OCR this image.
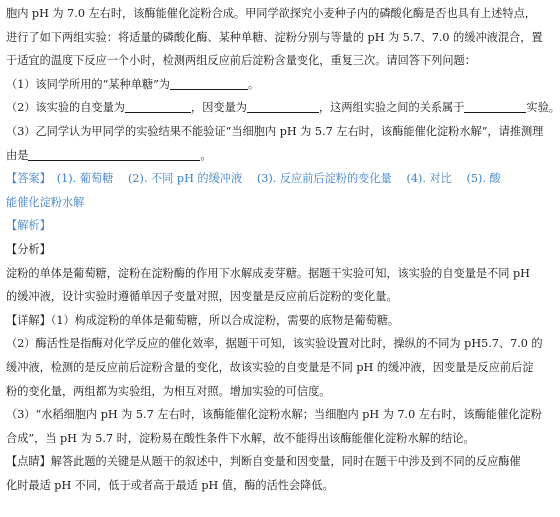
胞内 pH 为 7.0 左右时，该酶能催化淀粉合成。甲同学欲探究小麦种子内的磷酸化酶是否也具有上述特点，
进行了如下两组实验：将适量的磷酸化酶、某种单糖、淀粉分别与等量的 pH 为 5.7、7.0 的缓冲液混合，置
于适宜的温度下反应一个小时，检测两组反应前后淀粉含量变化，重复三次。请回答下列问题：
（1）该同学所用的“某种单糖”为	。
（2）该实验的自变量为	，因变量为	，这两组实验之间的关系属于	实验。
（3）乙同学认为甲同学的实验结果不能验证“当细胞内 pH 为 5.7 左右时，该酶能催化淀粉水解”，请推测理
由是	。
【答案】 (1). 葡萄糖　 (2). 不同 pH 的缓冲液　 (3). 反应前后淀粉的变化量　 (4). 对比　 (5). 酸
能催化淀粉水解
【解析】
【分析】
淀粉的单体是葡萄糖，淀粉在淀粉酶的作用下水解成麦芽糖。据题干实验可知，该实验的自变量是不同 pH
的缓冲液，设计实验时遵循单因子变量对照，因变量是反应前后淀粉的变化量。
【详解】（1）构成淀粉的单体是葡萄糖，所以合成淀粉，需要的底物是葡萄糖。
（2）酶活性是指酶对化学反应的催化效率，据题干可知，该实验设置对比时，操纵的不同为 pH5.7、7.0 的
缓冲液，检测的是反应前后淀粉含量的变化，故该实验的自变量是不同 pH 的缓冲液，因变量是反应前后淀
粉的变化量，两组都为实验组，为相互对照。增加实验的可信度。
（3）“水稻细胞内 pH 为 5.7 左右时，该酶能催化淀粉水解；当细胞内 pH 为 7.0 左右时，该酶能催化淀粉
合成”，当 pH 为 5.7 时，淀粉易在酸性条件下水解，故不能得出该酶能催化淀粉水解的结论。
【点睛】解答此题的关键是从题干的叙述中，判断自变量和因变量，同时在题干中涉及到不同的反应酶催
化时最适 pH 不同，低于或者高于最适 pH 值，酶的活性会降低。
